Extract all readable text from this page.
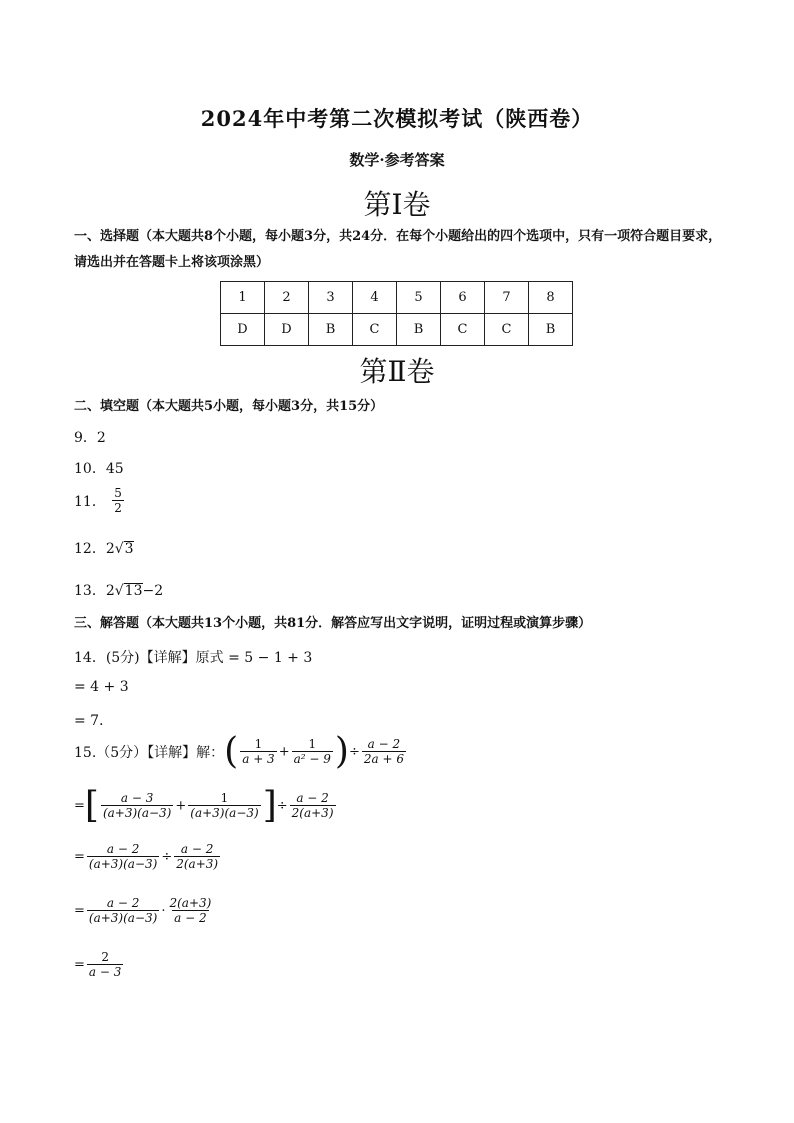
2024年中考第二次模拟考试（陕西卷）
数学·参考答案
第Ⅰ卷
一、选择题（本大题共8个小题，每小题3分，共24分．在每个小题给出的四个选项中，只有一项符合题目要求，请选出并在答题卡上将该项涂黑）
1	2	3	4	5	6	7	8
D	D	B	C	B	C	C	B
第Ⅱ卷
二、填空题（本大题共5小题，每小题3分，共15分）
9．2
10．45
11． $\frac{5}{2}$
12．2√3
13．2√13−2
三、解答题（本大题共13个小题，共81分．解答应写出文字说明，证明过程或演算步骤）
14．(5分)【详解】原式 = 5 − 1 + 3
= 4 + 3
= 7．
15.（5分）【详解】解：( $\frac{1}{a + 3} + \frac{1}{\text{a² − 9}}$ )÷ $\frac{a - 2}{2a + 6}$
=[ $\frac{a - 3}{(a+3)(a-3)} + \frac{1}{(a+3)(a-3)}$ ]÷ $\frac{a - 2}{2(a+3)}$
= $\frac{a - 2}{(a+3)(a-3)} \div \frac{a - 2}{2(a+3)}$
= $\frac{a - 2}{(a+3)(a-3)} \cdot \frac{2(a+3)}{a - 2}$
= $\frac{2}{a - 3}$
